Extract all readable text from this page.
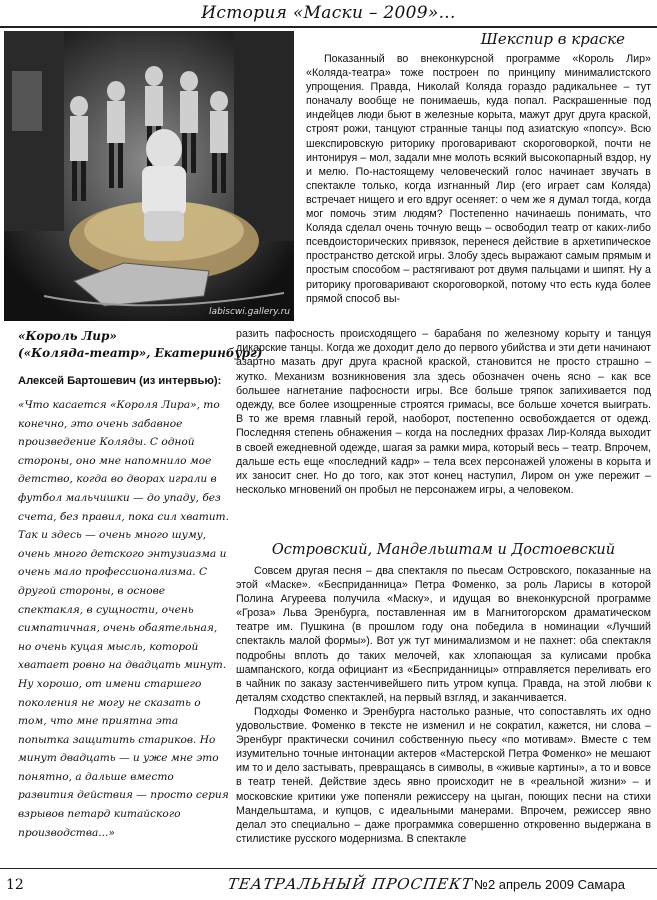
История «Маски – 2009»...
labiscwi.gallery.ru
«Король Лир»
(«Коляда-театр», Екатеринбург)
Алексей Бартошевич (из интервью):

«Что касается «Короля Лира», то конечно, это очень забавное произведение Коляды. С одной стороны, оно мне напомнило мое детство, когда во дворах играли в футбол мальчишки — до упаду, без счета, без правил, пока сил хватит. Так и здесь — очень много шуму, очень много детского энтузиазма и очень мало профессионализма. С другой стороны, в основе спектакля, в сущности, очень симпатичная, очень обаятельная, но очень куцая мысль, которой хватает ровно на двадцать минут. Ну хорошо, от имени старшего поколения не могу не сказать о том, что мне приятна эта попытка защитить стариков. Но минут двадцать — и уже мне это понятно, а дальше вместо развития действия — просто серия взрывов петард китайского производства...»

Шекспир в краске

Показанный во внеконкурсной программе «Король Лир» «Коляда-театра» тоже построен по принципу минималистского упрощения. Правда, Николай Коляда гораздо радикальнее – тут поначалу вообще не понимаешь, куда попал. Раскрашенные под индейцев люди бьют в железные корыта, мажут друг друга краской, строят рожи, танцуют странные танцы под азиатскую «попсу». Всю шекспировскую риторику проговаривают скороговоркой, почти не интонируя – мол, задали мне молоть всякий высокопарный вздор, ну и мелю. По-настоящему человеческий голос начинает звучать в спектакле только, когда изгнанный Лир (его играет сам Коляда) встречает нищего и его вдруг осеняет: о чем же я думал тогда, когда мог помочь этим людям? Постепенно начинаешь понимать, что Коляда сделал очень точную вещь – освободил театр от каких-либо псевдоисторических привязок, перенеся действие в архетипическое пространство детской игры. Злобу здесь выражают самым прямым и простым способом – растягивают рот двумя пальцами и шипят. Ну а риторику проговаривают скороговоркой, потому что есть куда более прямой способ вы-

разить пафосность происходящего – барабаня по железному корыту и танцуя дикарские танцы. Когда же доходит дело до первого убийства и эти дети начинают азартно мазать друг друга красной краской, становится не просто страшно – жутко. Механизм возникновения зла здесь обозначен очень ясно – как все большее нагнетание пафосности игры. Все больше тряпок запихивается под одежду, все более изощренные строятся гримасы, все больше хочется выиграть. В то же время главный герой, наоборот, постепенно освобождается от одежд. Последняя степень обнажения – когда на последних фразах Лир-Коляда выходит в своей ежедневной одежде, шагая за рамки мира, который весь – театр. Впрочем, дальше есть еще «последний кадр» – тела всех персонажей уложены в корыта и их заносит снег. Но до того, как этот конец наступил, Лиром он уже пережит – несколько мгновений он пробыл не персонажем игры, а человеком.

Островский, Мандельштам и Достоевский

Совсем другая песня – два спектакля по пьесам Островского, показанные на этой «Маске». «Бесприданница» Петра Фоменко, за роль Ларисы в которой Полина Агуреева получила «Маску», и идущая во внеконкурсной программе «Гроза» Льва Эренбурга, поставленная им в Магнитогорском драматическом театре им. Пушкина (в прошлом году она победила в номинации «Лучший спектакль малой формы»). Вот уж тут минимализмом и не пахнет: оба спектакля подробны вплоть до таких мелочей, как хлопающая за кулисами пробка шампанского, когда официант из «Бесприданницы» отправляется переливать его в чайник по заказу застенчивейшего пить утром купца. Правда, на этой любви к деталям сходство спектаклей, на первый взгляд, и заканчивается.

Подходы Фоменко и Эренбурга настолько разные, что сопоставлять их одно удовольствие. Фоменко в тексте не изменил и не сократил, кажется, ни слова – Эренбург практически сочинил собственную пьесу «по мотивам». Вместе с тем изумительно точные интонации актеров «Мастерской Петра Фоменко» не мешают им то и дело застывать, превращаясь в символы, в «живые картины», а то и вовсе в театр теней. Действие здесь явно происходит не в «реальной жизни» – и московские критики уже попеняли режиссеру на цыган, поющих песни на стихи Мандельштама, и купцов, с идеальными манерами. Впрочем, режиссер явно делал это специально – даже программка совершенно откровенно выдержана в стилистике русского модернизма. В спектакле

12	ТЕАТРАЛЬНЫЙ ПРОСПЕКТ №2 апрель 2009 Самара
